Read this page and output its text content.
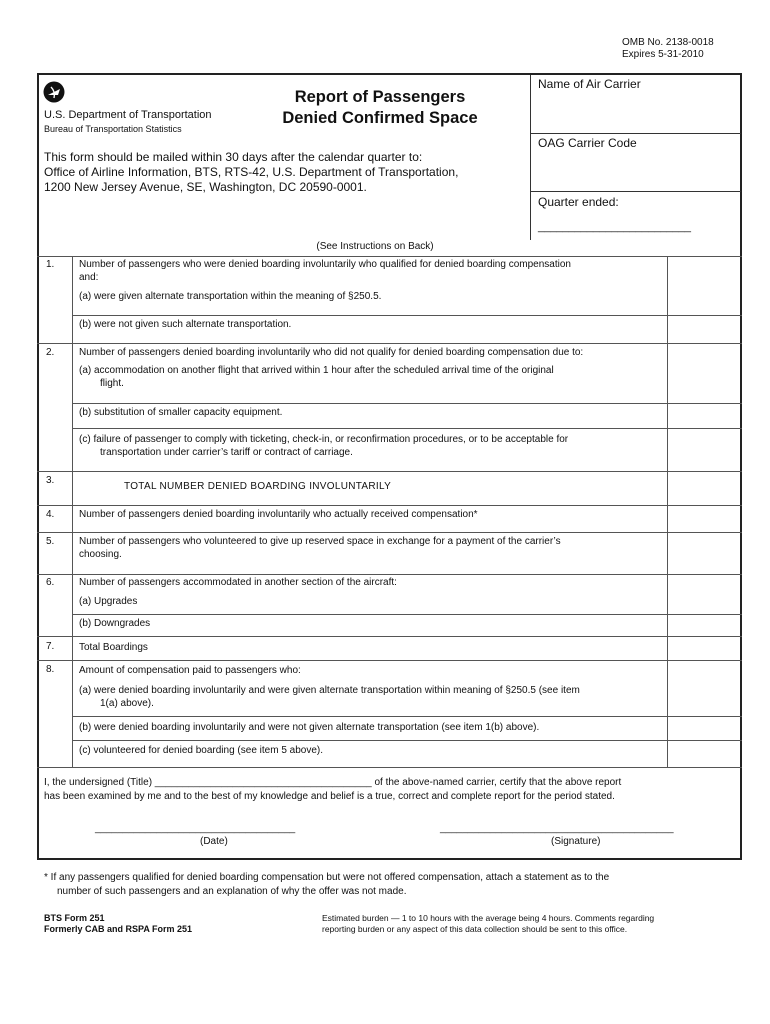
OMB No. 2138-0018
Expires 5-31-2010
U.S. Department of Transportation
Bureau of Transportation Statistics
Report of Passengers
Denied Confirmed Space
This form should be mailed within 30 days after the calendar quarter to:
Office of Airline Information, BTS, RTS-42, U.S. Department of Transportation,
1200 New Jersey Avenue, SE, Washington, DC 20590-0001.
Name of Air Carrier
OAG Carrier Code
Quarter ended:
_________________________
(See Instructions on Back)
1. Number of passengers who were denied boarding involuntarily who qualified for denied boarding compensation
and:
(a) were given alternate transportation within the meaning of §250.5.
(b) were not given such alternate transportation.
2. Number of passengers denied boarding involuntarily who did not qualify for denied boarding compensation due to:
(a) accommodation on another flight that arrived within 1 hour after the scheduled arrival time of the original
flight.
(b) substitution of smaller capacity equipment.
(c) failure of passenger to comply with ticketing, check-in, or reconfirmation procedures, or to be acceptable for
transportation under carrier’s tariff or contract of carriage.
3.
TOTAL NUMBER DENIED BOARDING INVOLUNTARILY
4. Number of passengers denied boarding involuntarily who actually received compensation*
5. Number of passengers who volunteered to give up reserved space in exchange for a payment of the carrier’s
choosing.
6. Number of passengers accommodated in another section of the aircraft:
(a) Upgrades
(b) Downgrades
7. Total Boardings
8. Amount of compensation paid to passengers who:
(a) were denied boarding involuntarily and were given alternate transportation within meaning of §250.5 (see item
1(a) above).
(b) were denied boarding involuntarily and were not given alternate transportation (see item 1(b) above).
(c) volunteered for denied boarding (see item 5 above).
I, the undersigned (Title) _______________________________________ of the above-named carrier, certify that the above report
has been examined by me and to the best of my knowledge and belief is a true, correct and complete report for the period stated.
____________________________________
(Date)
__________________________________________
(Signature)
* If any passengers qualified for denied boarding compensation but were not offered compensation, attach a statement as to the
number of such passengers and an explanation of why the offer was not made.
BTS Form 251
Formerly CAB and RSPA Form 251
Estimated burden — 1 to 10 hours with the average being 4 hours. Comments regarding
reporting burden or any aspect of this data collection should be sent to this office.
